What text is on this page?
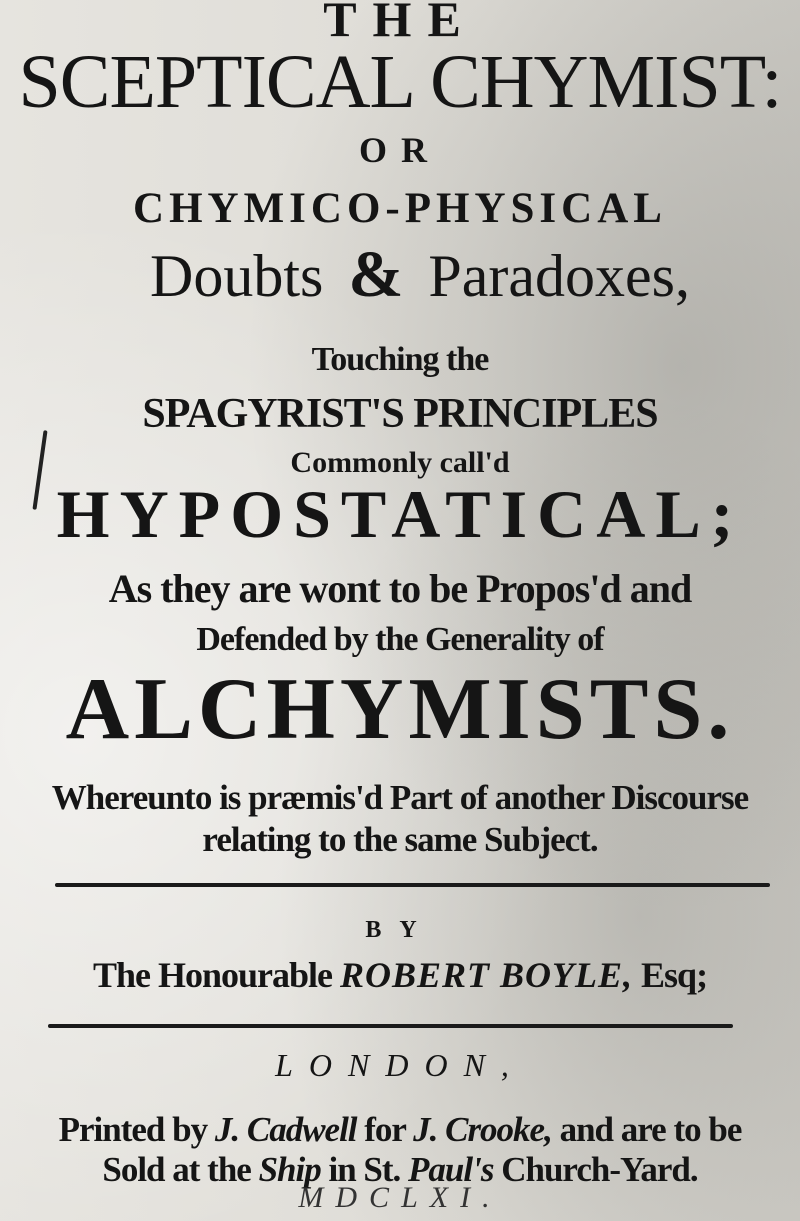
THE
SCEPTICAL CHYMIST:
OR
CHYMICO-PHYSICAL
Doubts & Paradoxes,
Touching the
SPAGYRIST'S PRINCIPLES
Commonly call'd
HYPOSTATICAL;
As they are wont to be Propos'd and
Defended by the Generality of
ALCHYMISTS.
Whereunto is præmis'd Part of another Discourse
relating to the same Subject.
BY
The Honourable ROBERT BOYLE, Esq;
LONDON,
Printed by J. Cadwell for J. Crooke, and are to be
Sold at the Ship in St. Paul's Church-Yard.
MDCLXI.
